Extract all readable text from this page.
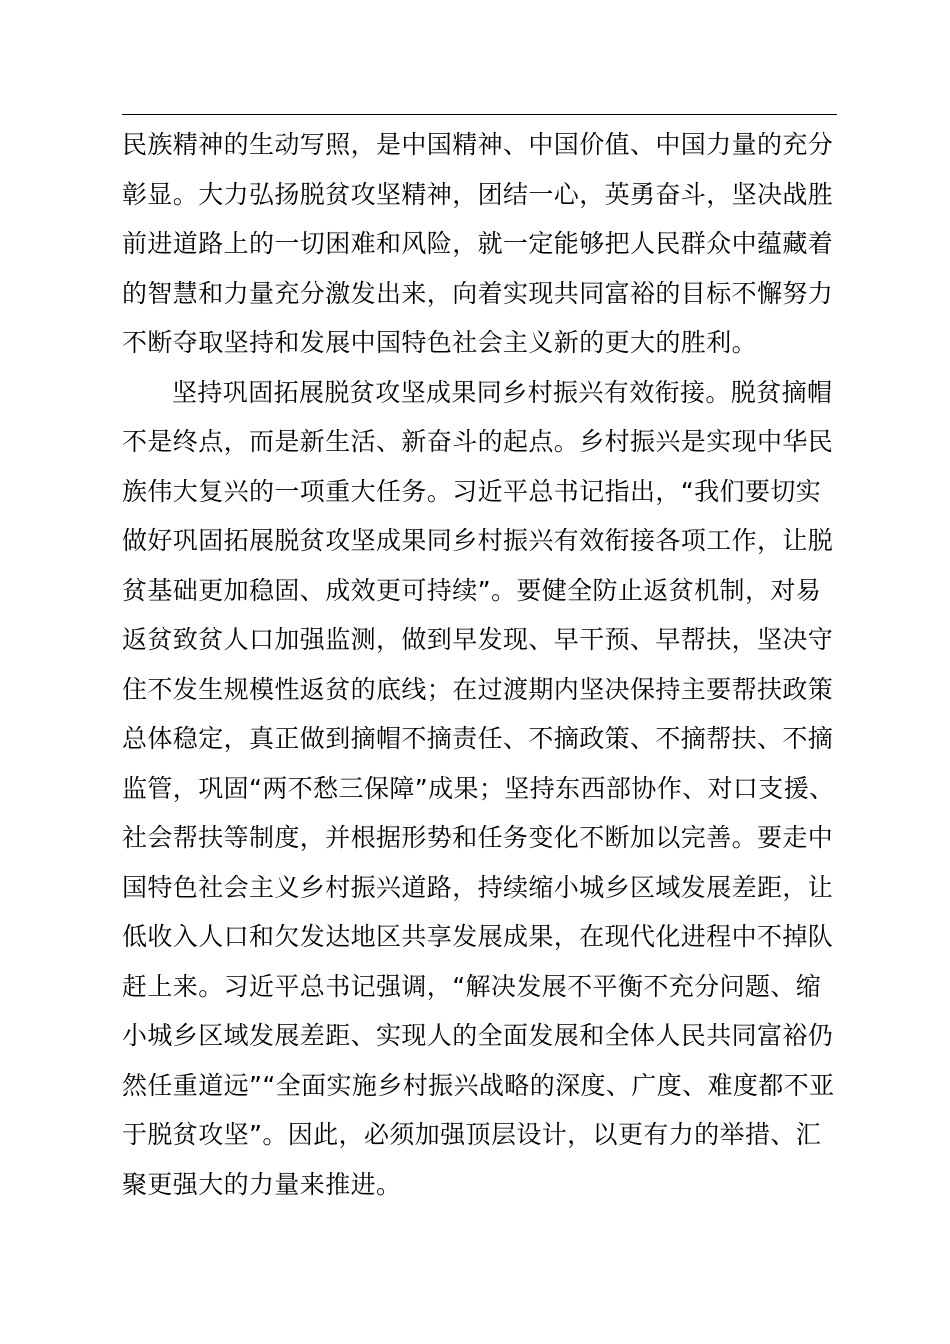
民族精神的生动写照，是中国精神、中国价值、中国力量的充分
彰显。大力弘扬脱贫攻坚精神，团结一心，英勇奋斗，坚决战胜
前进道路上的一切困难和风险，就一定能够把人民群众中蕴藏着
的智慧和力量充分激发出来，向着实现共同富裕的目标不懈努力
不断夺取坚持和发展中国特色社会主义新的更大的胜利。
坚持巩固拓展脱贫攻坚成果同乡村振兴有效衔接。脱贫摘帽
不是终点，而是新生活、新奋斗的起点。乡村振兴是实现中华民
族伟大复兴的一项重大任务。习近平总书记指出，“我们要切实
做好巩固拓展脱贫攻坚成果同乡村振兴有效衔接各项工作，让脱
贫基础更加稳固、成效更可持续”。要健全防止返贫机制，对易
返贫致贫人口加强监测，做到早发现、早干预、早帮扶，坚决守
住不发生规模性返贫的底线；在过渡期内坚决保持主要帮扶政策
总体稳定，真正做到摘帽不摘责任、不摘政策、不摘帮扶、不摘
监管，巩固“两不愁三保障”成果；坚持东西部协作、对口支援、
社会帮扶等制度，并根据形势和任务变化不断加以完善。要走中
国特色社会主义乡村振兴道路，持续缩小城乡区域发展差距，让
低收入人口和欠发达地区共享发展成果，在现代化进程中不掉队
赶上来。习近平总书记强调，“解决发展不平衡不充分问题、缩
小城乡区域发展差距、实现人的全面发展和全体人民共同富裕仍
然任重道远”“全面实施乡村振兴战略的深度、广度、难度都不亚
于脱贫攻坚”。因此，必须加强顶层设计，以更有力的举措、汇
聚更强大的力量来推进。
